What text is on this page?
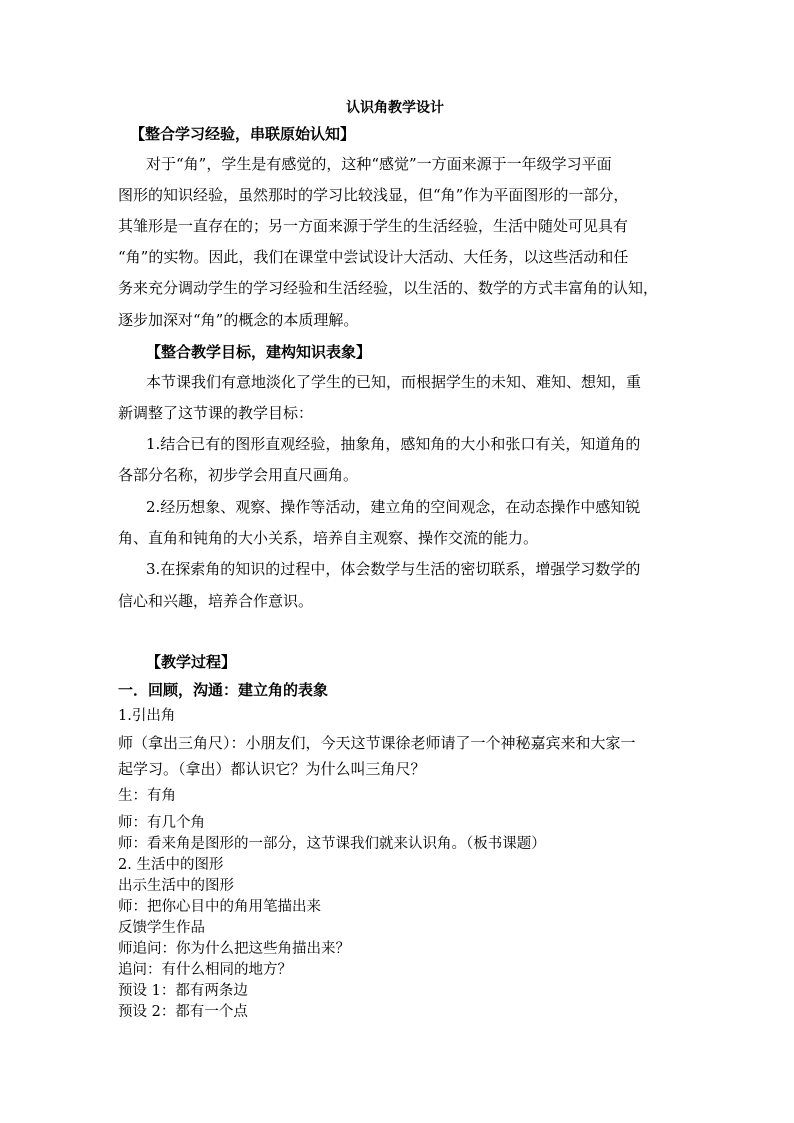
认识角教学设计
【整合学习经验，串联原始认知】
对于“角”，学生是有感觉的，这种“感觉”一方面来源于一年级学习平面
图形的知识经验，虽然那时的学习比较浅显，但“角”作为平面图形的一部分，
其雏形是一直存在的；另一方面来源于学生的生活经验，生活中随处可见具有
“角”的实物。因此，我们在课堂中尝试设计大活动、大任务，以这些活动和任
务来充分调动学生的学习经验和生活经验，以生活的、数学的方式丰富角的认知，
逐步加深对“角”的概念的本质理解。
【整合教学目标，建构知识表象】
本节课我们有意地淡化了学生的已知，而根据学生的未知、难知、想知，重
新调整了这节课的教学目标：
1.结合已有的图形直观经验，抽象角，感知角的大小和张口有关，知道角的
各部分名称，初步学会用直尺画角。
2.经历想象、观察、操作等活动，建立角的空间观念，在动态操作中感知锐
角、直角和钝角的大小关系，培养自主观察、操作交流的能力。
3.在探索角的知识的过程中，体会数学与生活的密切联系，增强学习数学的
信心和兴趣，培养合作意识。
【教学过程】
一．回顾，沟通：建立角的表象
1.引出角
师（拿出三角尺）：小朋友们，今天这节课徐老师请了一个神秘嘉宾来和大家一
起学习。（拿出）都认识它？为什么叫三角尺？
生：有角
师：有几个角
师：看来角是图形的一部分，这节课我们就来认识角。（板书课题）
2. 生活中的图形
出示生活中的图形
师：把你心目中的角用笔描出来
反馈学生作品
师追问：你为什么把这些角描出来？
追问：有什么相同的地方？
预设 1：都有两条边
预设 2：都有一个点
